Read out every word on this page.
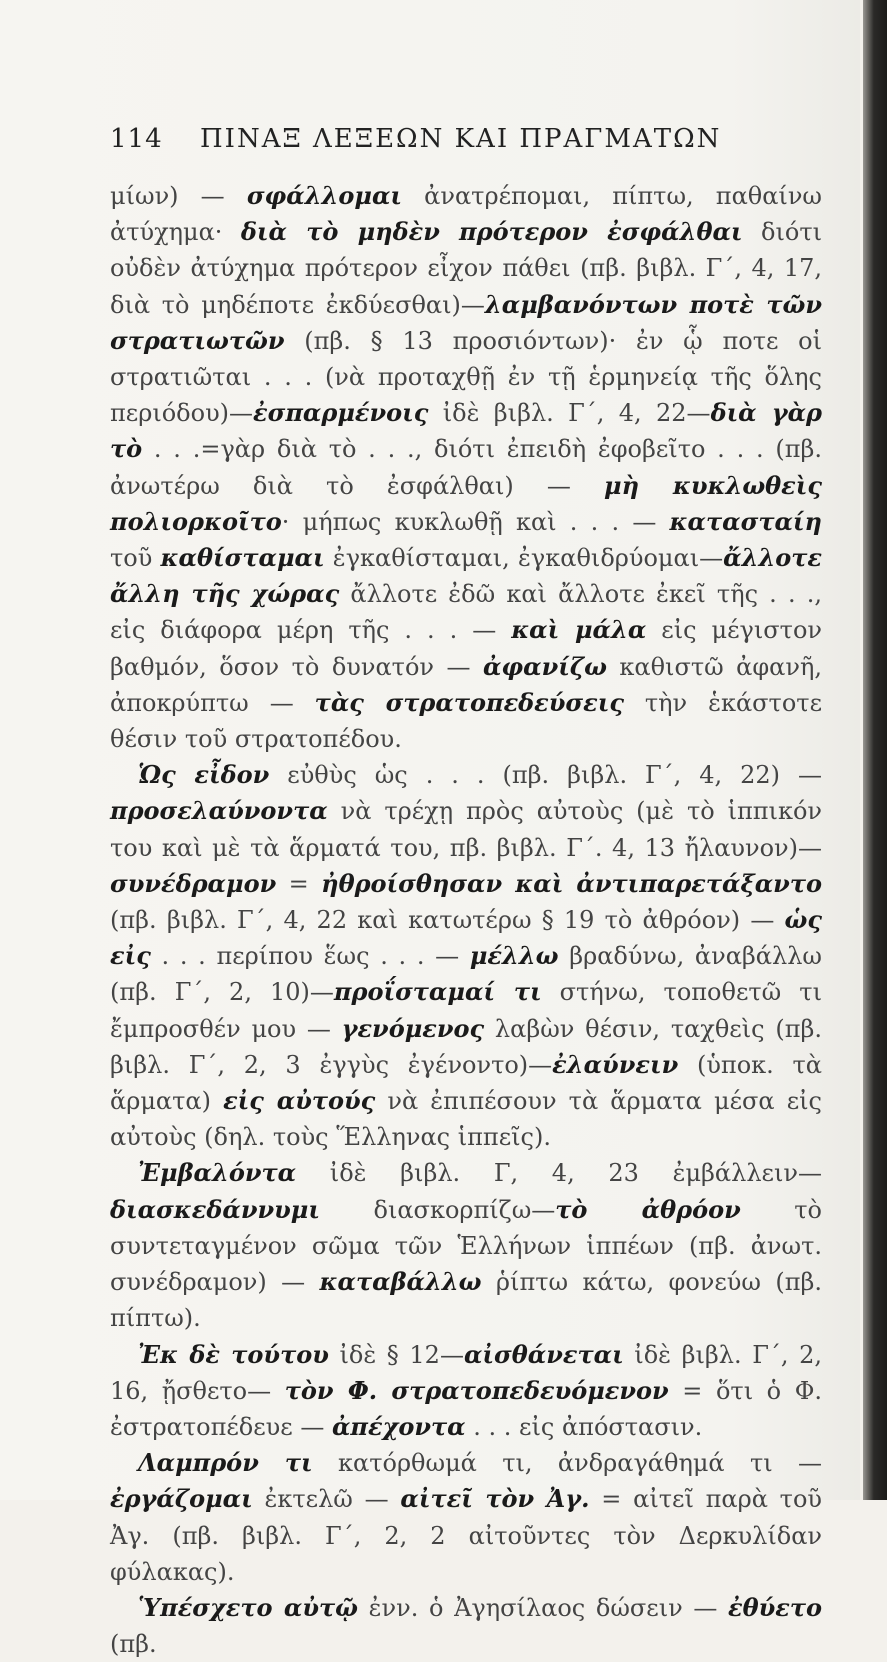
114 ΠΙΝΑΞ ΛΕΞΕΩΝ ΚΑΙ ΠΡΑΓΜΑΤΩΝ

μίων) — σφάλλομαι ἀνατρέπομαι, πίπτω, παθαίνω ἀτύχημα· διὰ τὸ μηδὲν πρότερον ἐσφάλθαι διότι οὐδὲν ἀτύχημα πρότερον εἶχον πάθει (πβ. βιβλ. Γ΄, 4, 17, διὰ τὸ μηδέποτε ἐκδύεσθαι)—λαμβανόντων ποτὲ τῶν στρατιωτῶν (πβ. § 13 προσιόντων)· ἐν ᾧ ποτε οἱ στρατιῶται . . . (νὰ προταχθῇ ἐν τῇ ἑρμηνείᾳ τῆς ὅλης περιόδου)—ἐσπαρμένοις ἰδὲ βιβλ. Γ΄, 4, 22—διὰ γὰρ τὸ . . .=γὰρ διὰ τὸ . . ., διότι ἐπειδὴ ἐφοβεῖτο . . . (πβ. ἀνωτέρω διὰ τὸ ἐσφάλθαι) — μὴ κυκλωθεὶς πολιορκοῖτο· μήπως κυκλωθῇ καὶ . . . — κατασταίη τοῦ καθίσταμαι ἐγκαθίσταμαι, ἐγκαθιδρύομαι—ἄλλοτε ἄλλη τῆς χώρας ἄλλοτε ἐδῶ καὶ ἄλλοτε ἐκεῖ τῆς . . ., εἰς διάφορα μέρη τῆς . . . — καὶ μάλα εἰς μέγιστον βαθμόν, ὅσον τὸ δυνατόν — ἀφανίζω καθιστῶ ἀφανῆ, ἀποκρύπτω — τὰς στρατοπεδεύσεις τὴν ἑκάστοτε θέσιν τοῦ στρατοπέδου.

Ὡς εἶδον εὐθὺς ὡς . . . (πβ. βιβλ. Γ΄, 4, 22) —προσελαύνοντα νὰ τρέχῃ πρὸς αὐτοὺς (μὲ τὸ ἱππικόν του καὶ μὲ τὰ ἅρματά του, πβ. βιβλ. Γ΄. 4, 13 ἤλαυνον)—συνέδραμον = ἠθροίσθησαν καὶ ἀντιπαρετάξαντο (πβ. βιβλ. Γ΄, 4, 22 καὶ κατωτέρω § 19 τὸ ἀθρόον) — ὡς εἰς . . . περίπου ἕως . . . — μέλλω βραδύνω, ἀναβάλλω (πβ. Γ΄, 2, 10)—προΐσταμαί τι στήνω, τοποθετῶ τι ἔμπροσθέν μου — γενόμενος λαβὼν θέσιν, ταχθεὶς (πβ. βιβλ. Γ΄, 2, 3 ἐγγὺς ἐγένοντο)—ἐλαύνειν (ὑποκ. τὰ ἅρματα) εἰς αὐτούς νὰ ἐπιπέσουν τὰ ἅρματα μέσα εἰς αὐτοὺς (δηλ. τοὺς Ἕλληνας ἱππεῖς).

Ἐμβαλόντα ἰδὲ βιβλ. Γ, 4, 23 ἐμβάλλειν—διασκεδάννυμι διασκορπίζω—τὸ ἀθρόον τὸ συντεταγμένον σῶμα τῶν Ἑλλήνων ἱππέων (πβ. ἀνωτ. συνέδραμον) — καταβάλλω ῥίπτω κάτω, φονεύω (πβ. πίπτω).

Ἐκ δὲ τούτου ἰδὲ § 12—αἰσθάνεται ἰδὲ βιβλ. Γ΄, 2, 16, ᾔσθετο— τὸν Φ. στρατοπεδευόμενον = ὅτι ὁ Φ. ἐστρατοπέδευε — ἀπέχοντα . . . εἰς ἀπόστασιν.

Λαμπρόν τι κατόρθωμά τι, ἀνδραγάθημά τι — ἐργάζομαι ἐκτελῶ — αἰτεῖ τὸν Ἀγ. = αἰτεῖ παρὰ τοῦ Ἀγ. (πβ. βιβλ. Γ΄, 2, 2 αἰτοῦντες τὸν Δερκυλίδαν φύλακας).

Ὑπέσχετο αὐτῷ ἐνν. ὁ Ἀγησίλαος δώσειν — ἐθύετο (πβ.
